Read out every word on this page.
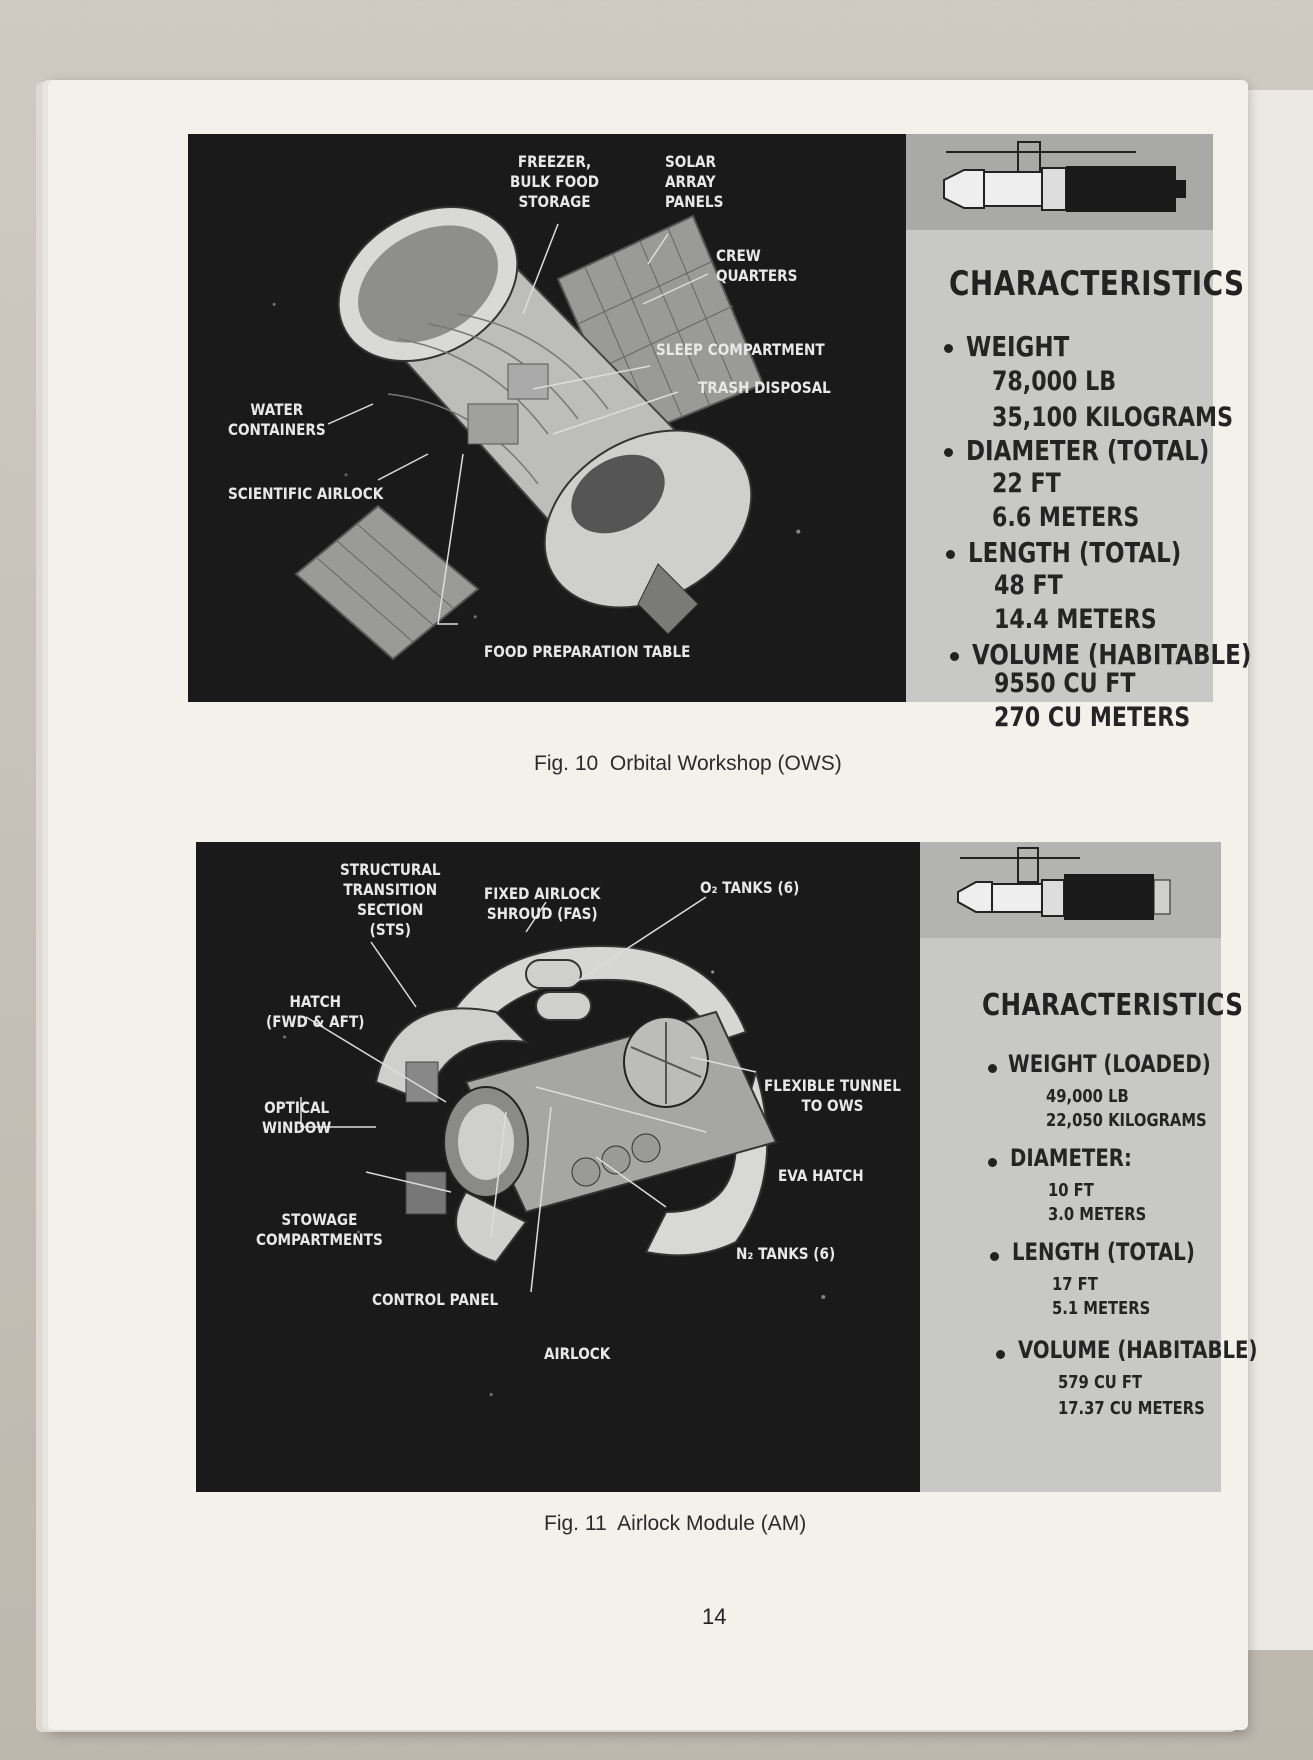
FREEZER,
BULK FOOD
STORAGE
SOLAR
ARRAY
PANELS
CREW
QUARTERS
SLEEP COMPARTMENT
TRASH DISPOSAL
WATER
CONTAINERS
SCIENTIFIC AIRLOCK
FOOD PREPARATION TABLE
CHARACTERISTICS
WEIGHT
78,000 LB
35,100 KILOGRAMS
DIAMETER (TOTAL)
22 FT
6.6 METERS
LENGTH (TOTAL)
48 FT
14.4 METERS
VOLUME (HABITABLE)
9550 CU FT
270 CU METERS
Fig. 10  Orbital Workshop (OWS)
STRUCTURAL
TRANSITION
SECTION
(STS)
FIXED AIRLOCK
SHROUD (FAS)
O₂ TANKS (6)
HATCH
(FWD & AFT)
OPTICAL
WINDOW
FLEXIBLE TUNNEL
TO OWS
EVA HATCH
STOWAGE
COMPARTMENTS
N₂ TANKS (6)
CONTROL PANEL
AIRLOCK
CHARACTERISTICS
WEIGHT (LOADED)
49,000 LB
22,050 KILOGRAMS
DIAMETER:
10 FT
3.0 METERS
LENGTH (TOTAL)
17 FT
5.1 METERS
VOLUME (HABITABLE)
579 CU FT
17.37 CU METERS
Fig. 11  Airlock Module (AM)
14
